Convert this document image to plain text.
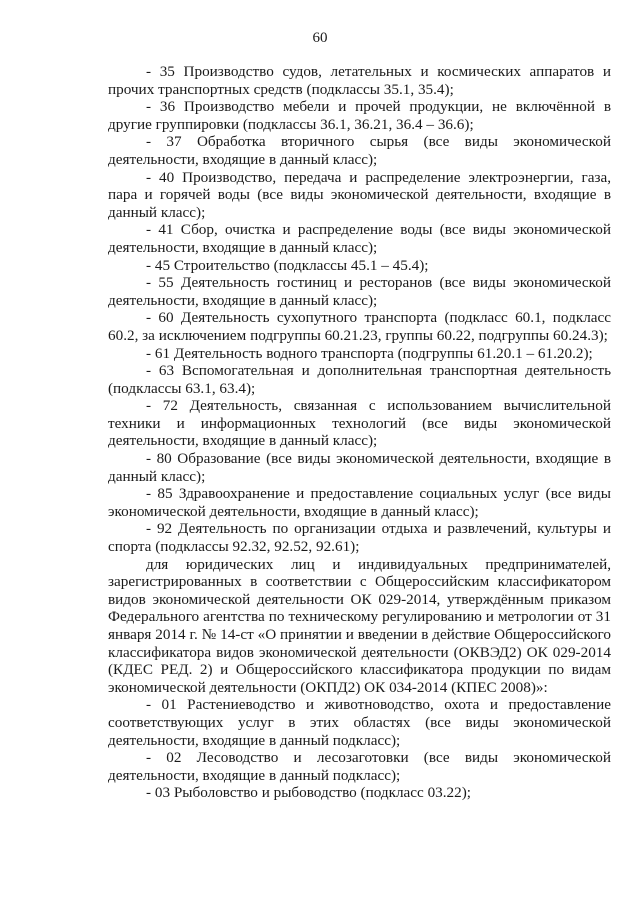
60

- 35 Производство судов, летательных и космических аппаратов и прочих транспортных средств (подклассы 35.1, 35.4);

- 36 Производство мебели и прочей продукции, не включённой в другие группировки (подклассы 36.1, 36.21, 36.4 – 36.6);

- 37 Обработка вторичного сырья (все виды экономической деятельности, входящие в данный класс);

- 40 Производство, передача и распределение электроэнергии, газа, пара и горячей воды (все виды экономической деятельности, входящие в данный класс);

- 41 Сбор, очистка и распределение воды (все виды экономической деятельности, входящие в данный класс);

- 45 Строительство (подклассы 45.1 – 45.4);

- 55 Деятельность гостиниц и ресторанов (все виды экономической деятельности, входящие в данный класс);

- 60 Деятельность сухопутного транспорта (подкласс 60.1, подкласс 60.2, за исключением подгруппы 60.21.23, группы 60.22, подгруппы 60.24.3);

- 61 Деятельность водного транспорта (подгруппы 61.20.1 – 61.20.2);

- 63 Вспомогательная и дополнительная транспортная деятельность (подклассы 63.1, 63.4);

- 72 Деятельность, связанная с использованием вычислительной техники и информационных технологий (все виды экономической деятельности, входящие в данный класс);

- 80 Образование (все виды экономической деятельности, входящие в данный класс);

- 85 Здравоохранение и предоставление социальных услуг (все виды экономической деятельности, входящие в данный класс);

- 92 Деятельность по организации отдыха и развлечений, культуры и спорта (подклассы 92.32, 92.52, 92.61);

для юридических лиц и индивидуальных предпринимателей, зарегистрированных в соответствии с Общероссийским классификатором видов экономической деятельности ОК 029-2014, утверждённым приказом Федерального агентства по техническому регулированию и метрологии от 31 января 2014 г. № 14-ст «О принятии и введении в действие Общероссийского классификатора видов экономической деятельности (ОКВЭД2) ОК 029-2014 (КДЕС РЕД. 2) и Общероссийского классификатора продукции по видам экономической деятельности (ОКПД2) ОК 034-2014 (КПЕС 2008)»:

- 01 Растениеводство и животноводство, охота и предоставление соответствующих услуг в этих областях (все виды экономической деятельности, входящие в данный подкласс);

- 02 Лесоводство и лесозаготовки (все виды экономической деятельности, входящие в данный подкласс);

- 03 Рыболовство и рыбоводство (подкласс 03.22);
